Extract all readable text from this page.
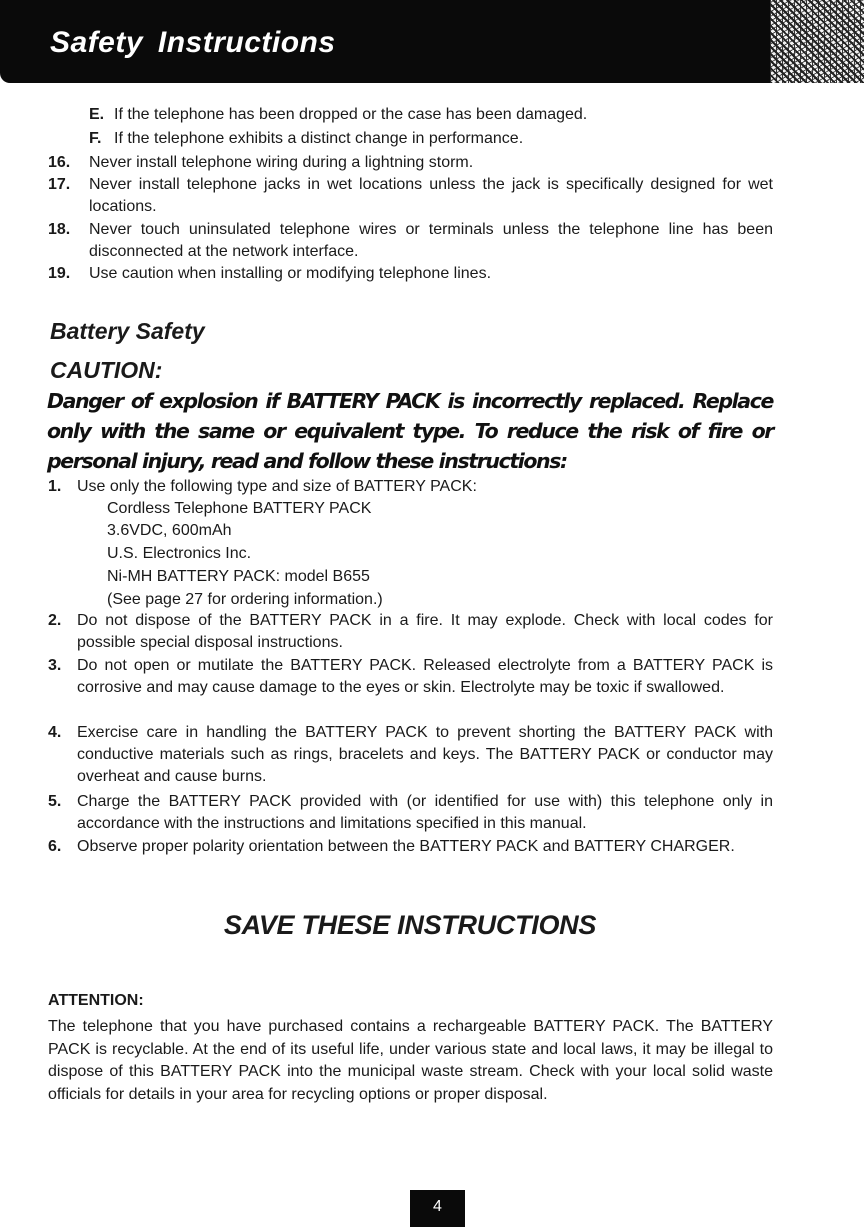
Safety Instructions
E. If the telephone has been dropped or the case has been damaged.
F. If the telephone exhibits a distinct change in performance.
16.	Never install telephone wiring during a lightning storm.
17.	Never install telephone jacks in wet locations unless the jack is specifically designed for wet locations.
18.	Never touch uninsulated telephone wires or terminals unless the telephone line has been disconnected at the network interface.
19.	Use caution when installing or modifying telephone lines.
Battery Safety
CAUTION:
Danger of explosion if BATTERY PACK is incorrectly replaced. Replace only with the same or equivalent type. To reduce the risk of fire or personal injury, read and follow these instructions:
1. Use only the following type and size of BATTERY PACK:
Cordless Telephone BATTERY PACK
3.6VDC, 600mAh
U.S. Electronics Inc.
Ni-MH BATTERY PACK: model B655
(See page 27 for ordering information.)
2. Do not dispose of the BATTERY PACK in a fire. It may explode. Check with local codes for possible special disposal instructions.
3. Do not open or mutilate the BATTERY PACK. Released electrolyte from a BATTERY PACK is corrosive and may cause damage to the eyes or skin. Electrolyte may be toxic if swallowed.
4. Exercise care in handling the BATTERY PACK to prevent shorting the BATTERY PACK with conductive materials such as rings, bracelets and keys. The BATTERY PACK or conductor may overheat and cause burns.
5. Charge the BATTERY PACK provided with (or identified for use with) this telephone only in accordance with the instructions and limitations specified in this manual.
6. Observe proper polarity orientation between the BATTERY PACK and BATTERY CHARGER.
SAVE THESE INSTRUCTIONS
ATTENTION:
The telephone that you have purchased contains a rechargeable BATTERY PACK. The BATTERY PACK is recyclable. At the end of its useful life, under various state and local laws, it may be illegal to dispose of this BATTERY PACK into the municipal waste stream. Check with your local solid waste officials for details in your area for recycling options or proper disposal.
4
